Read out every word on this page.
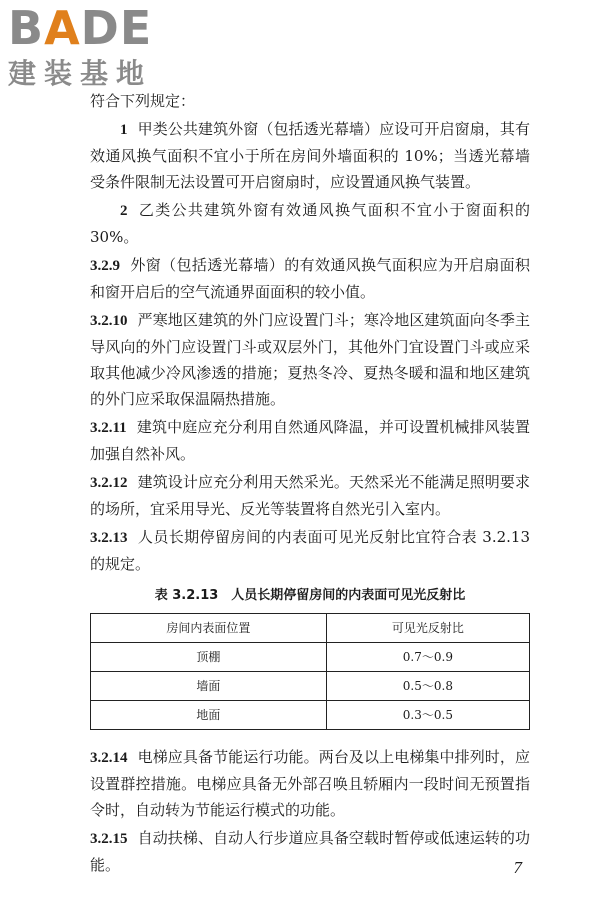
BADE
建装基地

符合下列规定：

1 甲类公共建筑外窗（包括透光幕墙）应设可开启窗扇，其有效通风换气面积不宜小于所在房间外墙面积的 10%；当透光幕墙受条件限制无法设置可开启窗扇时，应设置通风换气装置。

2 乙类公共建筑外窗有效通风换气面积不宜小于窗面积的 30%。

3.2.9 外窗（包括透光幕墙）的有效通风换气面积应为开启扇面积和窗开启后的空气流通界面面积的较小值。

3.2.10 严寒地区建筑的外门应设置门斗；寒冷地区建筑面向冬季主导风向的外门应设置门斗或双层外门，其他外门宜设置门斗或应采取其他减少冷风渗透的措施；夏热冬冷、夏热冬暖和温和地区建筑的外门应采取保温隔热措施。

3.2.11 建筑中庭应充分利用自然通风降温，并可设置机械排风装置加强自然补风。

3.2.12 建筑设计应充分利用天然采光。天然采光不能满足照明要求的场所，宜采用导光、反光等装置将自然光引入室内。

3.2.13 人员长期停留房间的内表面可见光反射比宜符合表 3.2.13 的规定。

表 3.2.13　人员长期停留房间的内表面可见光反射比
房间内表面位置	可见光反射比
顶棚	0.7～0.9
墙面	0.5～0.8
地面	0.3～0.5

3.2.14 电梯应具备节能运行功能。两台及以上电梯集中排列时，应设置群控措施。电梯应具备无外部召唤且轿厢内一段时间无预置指令时，自动转为节能运行模式的功能。

3.2.15 自动扶梯、自动人行步道应具备空载时暂停或低速运转的功能。	7
